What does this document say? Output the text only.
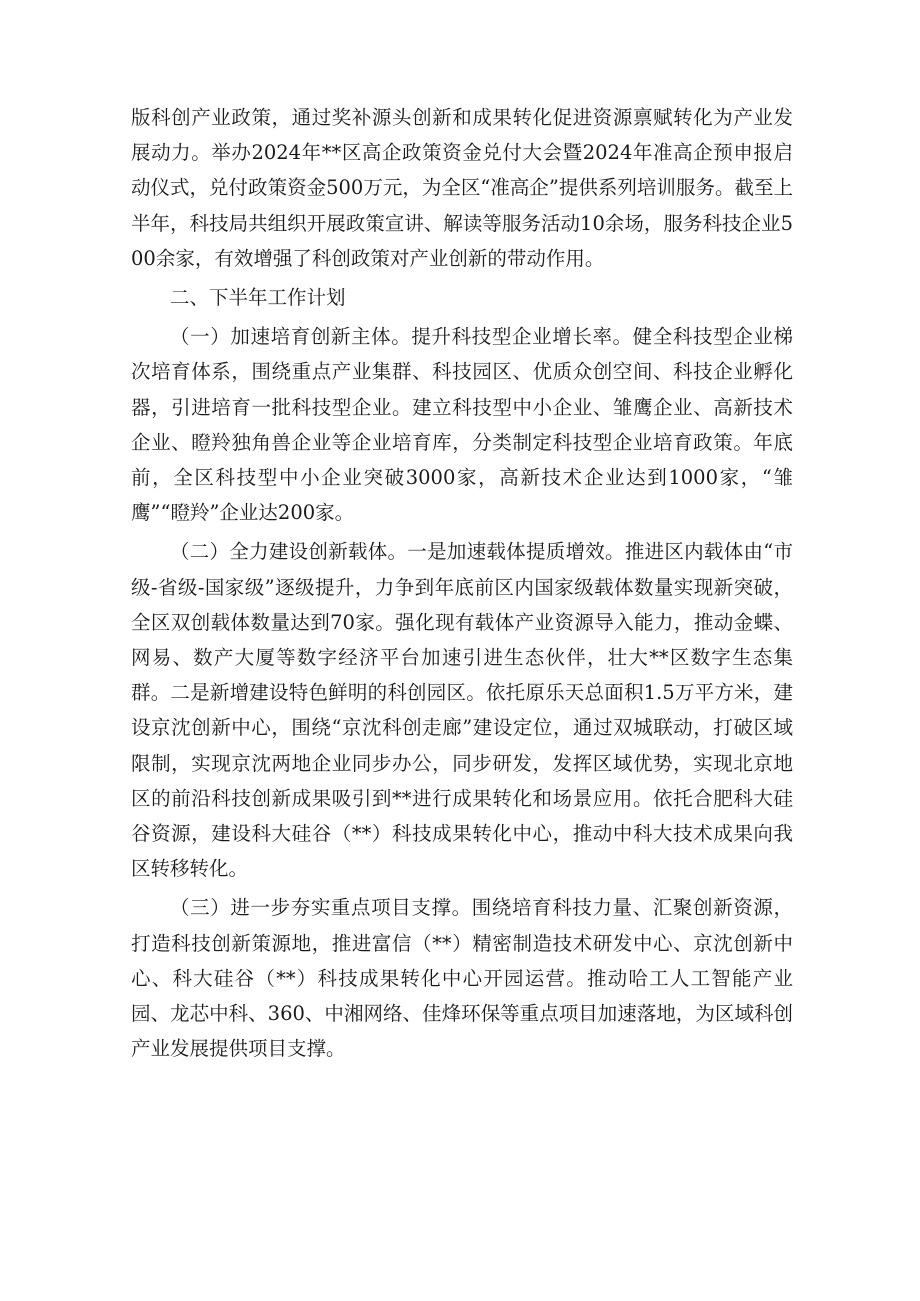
版科创产业政策，通过奖补源头创新和成果转化促进资源禀赋转化为产业发展动力。举办2024年**区高企政策资金兑付大会暨2024年准高企预申报启动仪式，兑付政策资金500万元，为全区“准高企”提供系列培训服务。截至上半年，科技局共组织开展政策宣讲、解读等服务活动10余场，服务科技企业500余家，有效增强了科创政策对产业创新的带动作用。

二、下半年工作计划

（一）加速培育创新主体。提升科技型企业增长率。健全科技型企业梯次培育体系，围绕重点产业集群、科技园区、优质众创空间、科技企业孵化器，引进培育一批科技型企业。建立科技型中小企业、雏鹰企业、高新技术企业、瞪羚独角兽企业等企业培育库，分类制定科技型企业培育政策。年底前，全区科技型中小企业突破3000家，高新技术企业达到1000家，“雏鹰”“瞪羚”企业达200家。

（二）全力建设创新载体。一是加速载体提质增效。推进区内载体由“市级-省级-国家级”逐级提升，力争到年底前区内国家级载体数量实现新突破，全区双创载体数量达到70家。强化现有载体产业资源导入能力，推动金蝶、网易、数产大厦等数字经济平台加速引进生态伙伴，壮大**区数字生态集群。二是新增建设特色鲜明的科创园区。依托原乐天总面积1.5万平方米，建设京沈创新中心，围绕“京沈科创走廊”建设定位，通过双城联动，打破区域限制，实现京沈两地企业同步办公，同步研发，发挥区域优势，实现北京地区的前沿科技创新成果吸引到**进行成果转化和场景应用。依托合肥科大硅谷资源，建设科大硅谷（**）科技成果转化中心，推动中科大技术成果向我区转移转化。

（三）进一步夯实重点项目支撑。围绕培育科技力量、汇聚创新资源，打造科技创新策源地，推进富信（**）精密制造技术研发中心、京沈创新中心、科大硅谷（**）科技成果转化中心开园运营。推动哈工人工智能产业园、龙芯中科、360、中湘网络、佳烽环保等重点项目加速落地，为区域科创产业发展提供项目支撑。
